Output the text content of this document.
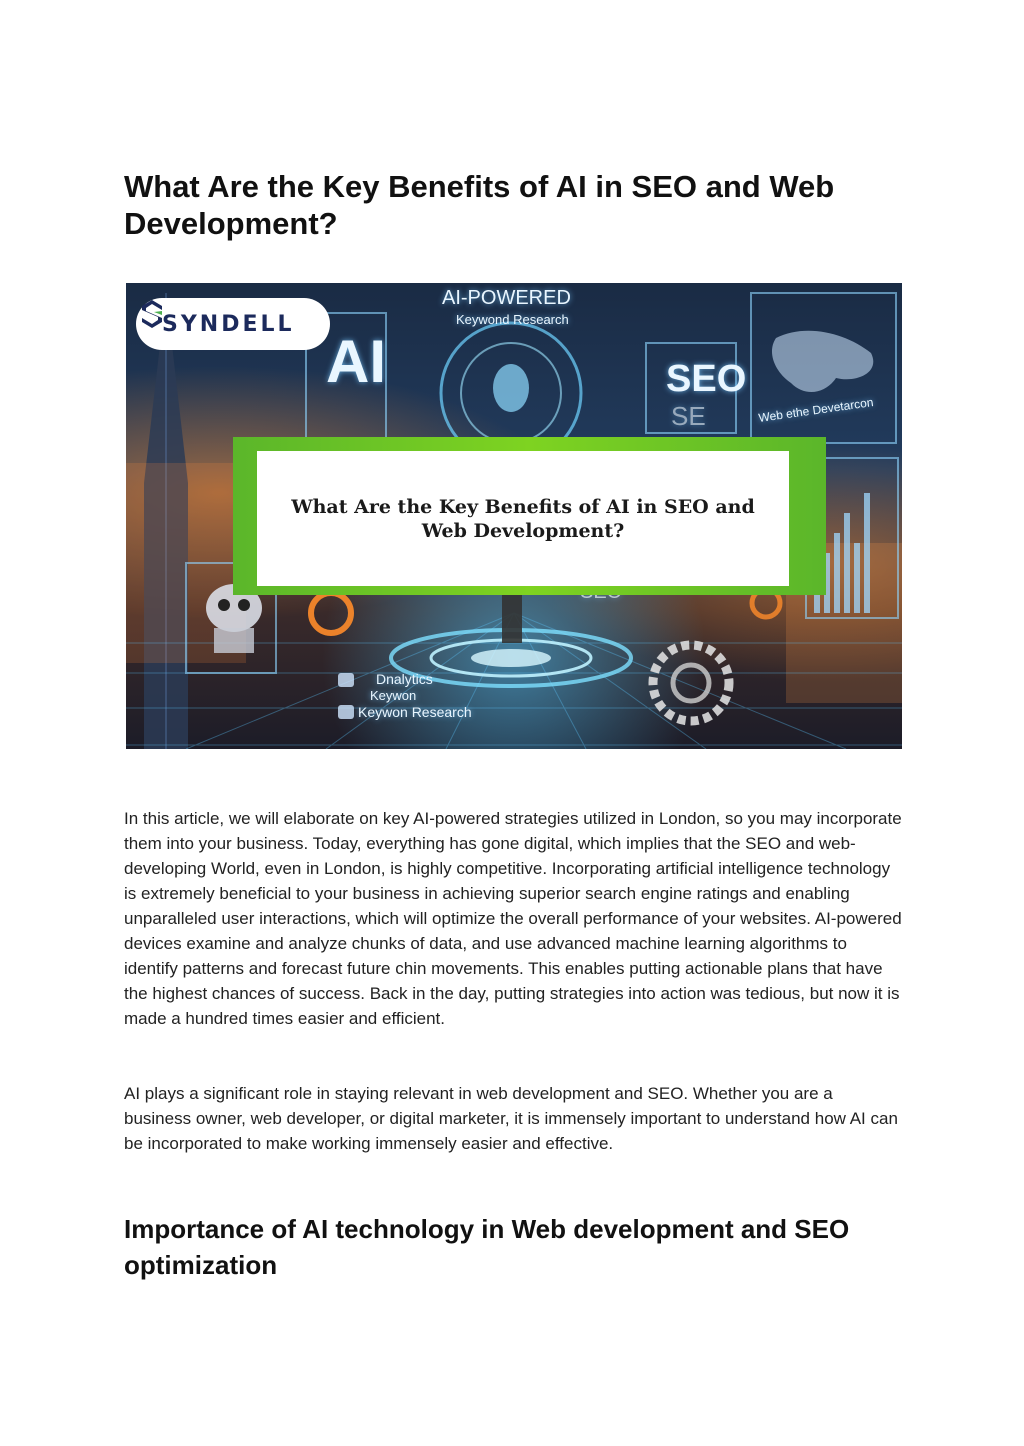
What Are the Key Benefits of AI in SEO and Web Development?
SYNDELL
AI-POWERED
Keywond Research
AI	SEO
SE	Web ethe Devetarcon
Dnalytics
Keywon
Keywon Research
What Are the Key Benefits of AI in SEO and Web Development?

In this article, we will elaborate on key AI-powered strategies utilized in London, so you may incorporate them into your business. Today, everything has gone digital, which implies that the SEO and web-developing World, even in London, is highly competitive. Incorporating artificial intelligence technology is extremely beneficial to your business in achieving superior search engine ratings and enabling unparalleled user interactions, which will optimize the overall performance of your websites. AI-powered devices examine and analyze chunks of data, and use advanced machine learning algorithms to identify patterns and forecast future chin movements. This enables putting actionable plans that have the highest chances of success. Back in the day, putting strategies into action was tedious, but now it is made a hundred times easier and efficient.

AI plays a significant role in staying relevant in web development and SEO. Whether you are a business owner, web developer, or digital marketer, it is immensely important to understand how AI can be incorporated to make working immensely easier and effective.

Importance of AI technology in Web development and SEO optimization
